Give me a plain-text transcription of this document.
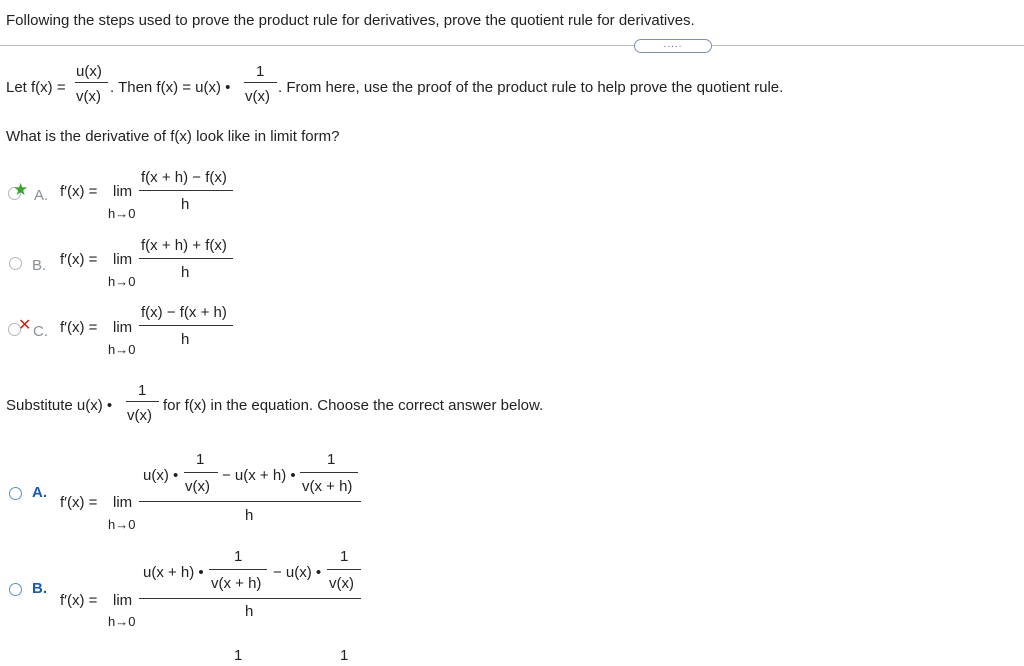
Following the steps used to prove the product rule for derivatives, prove the quotient rule for derivatives.
.....
Let f(x) =
u(x)
v(x)
. Then f(x) = u(x) •
1
v(x)
. From here, use the proof of the product rule to help prove the quotient rule.
What is the derivative of f(x) look like in limit form?
★ A. f′(x) = lim
h→0
f(x + h) − f(x)
h
B. f′(x) = lim
h→0
f(x + h) + f(x)
h
✕ C. f′(x) = lim
h→0
f(x) − f(x + h)
h
Substitute u(x) •
1
v(x)
for f(x) in the equation. Choose the correct answer below.
A.
f′(x) = lim
h→0
u(x) •
1
v(x)
− u(x + h) •
1
v(x + h)
h
B.
f′(x) = lim
h→0
u(x + h) •
1
v(x + h)
− u(x) •
1
v(x)
h
1	1
